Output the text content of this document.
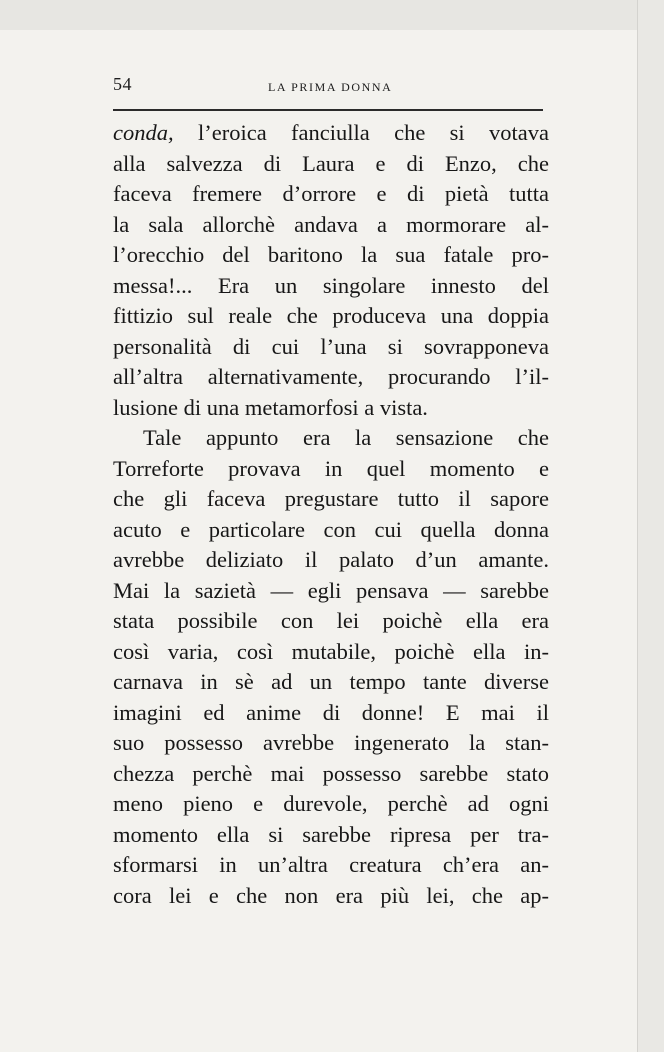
54	LA PRIMA DONNA
conda, l’eroica fanciulla che si votava
alla salvezza di Laura e di Enzo, che
faceva fremere d’orrore e di pietà tutta
la sala allorchè andava a mormorare al-
l’orecchio del baritono la sua fatale pro-
messa!... Era un singolare innesto del
fittizio sul reale che produceva una doppia
personalità di cui l’una si sovrapponeva
all’altra alternativamente, procurando l’il-
lusione di una metamorfosi a vista.
Tale appunto era la sensazione che
Torreforte provava in quel momento e
che gli faceva pregustare tutto il sapore
acuto e particolare con cui quella donna
avrebbe deliziato il palato d’un amante.
Mai la sazietà — egli pensava — sarebbe
stata possibile con lei poichè ella era
così varia, così mutabile, poichè ella in-
carnava in sè ad un tempo tante diverse
imagini ed anime di donne! E mai il
suo possesso avrebbe ingenerato la stan-
chezza perchè mai possesso sarebbe stato
meno pieno e durevole, perchè ad ogni
momento ella si sarebbe ripresa per tra-
sformarsi in un’altra creatura ch’era an-
cora lei e che non era più lei, che ap-
